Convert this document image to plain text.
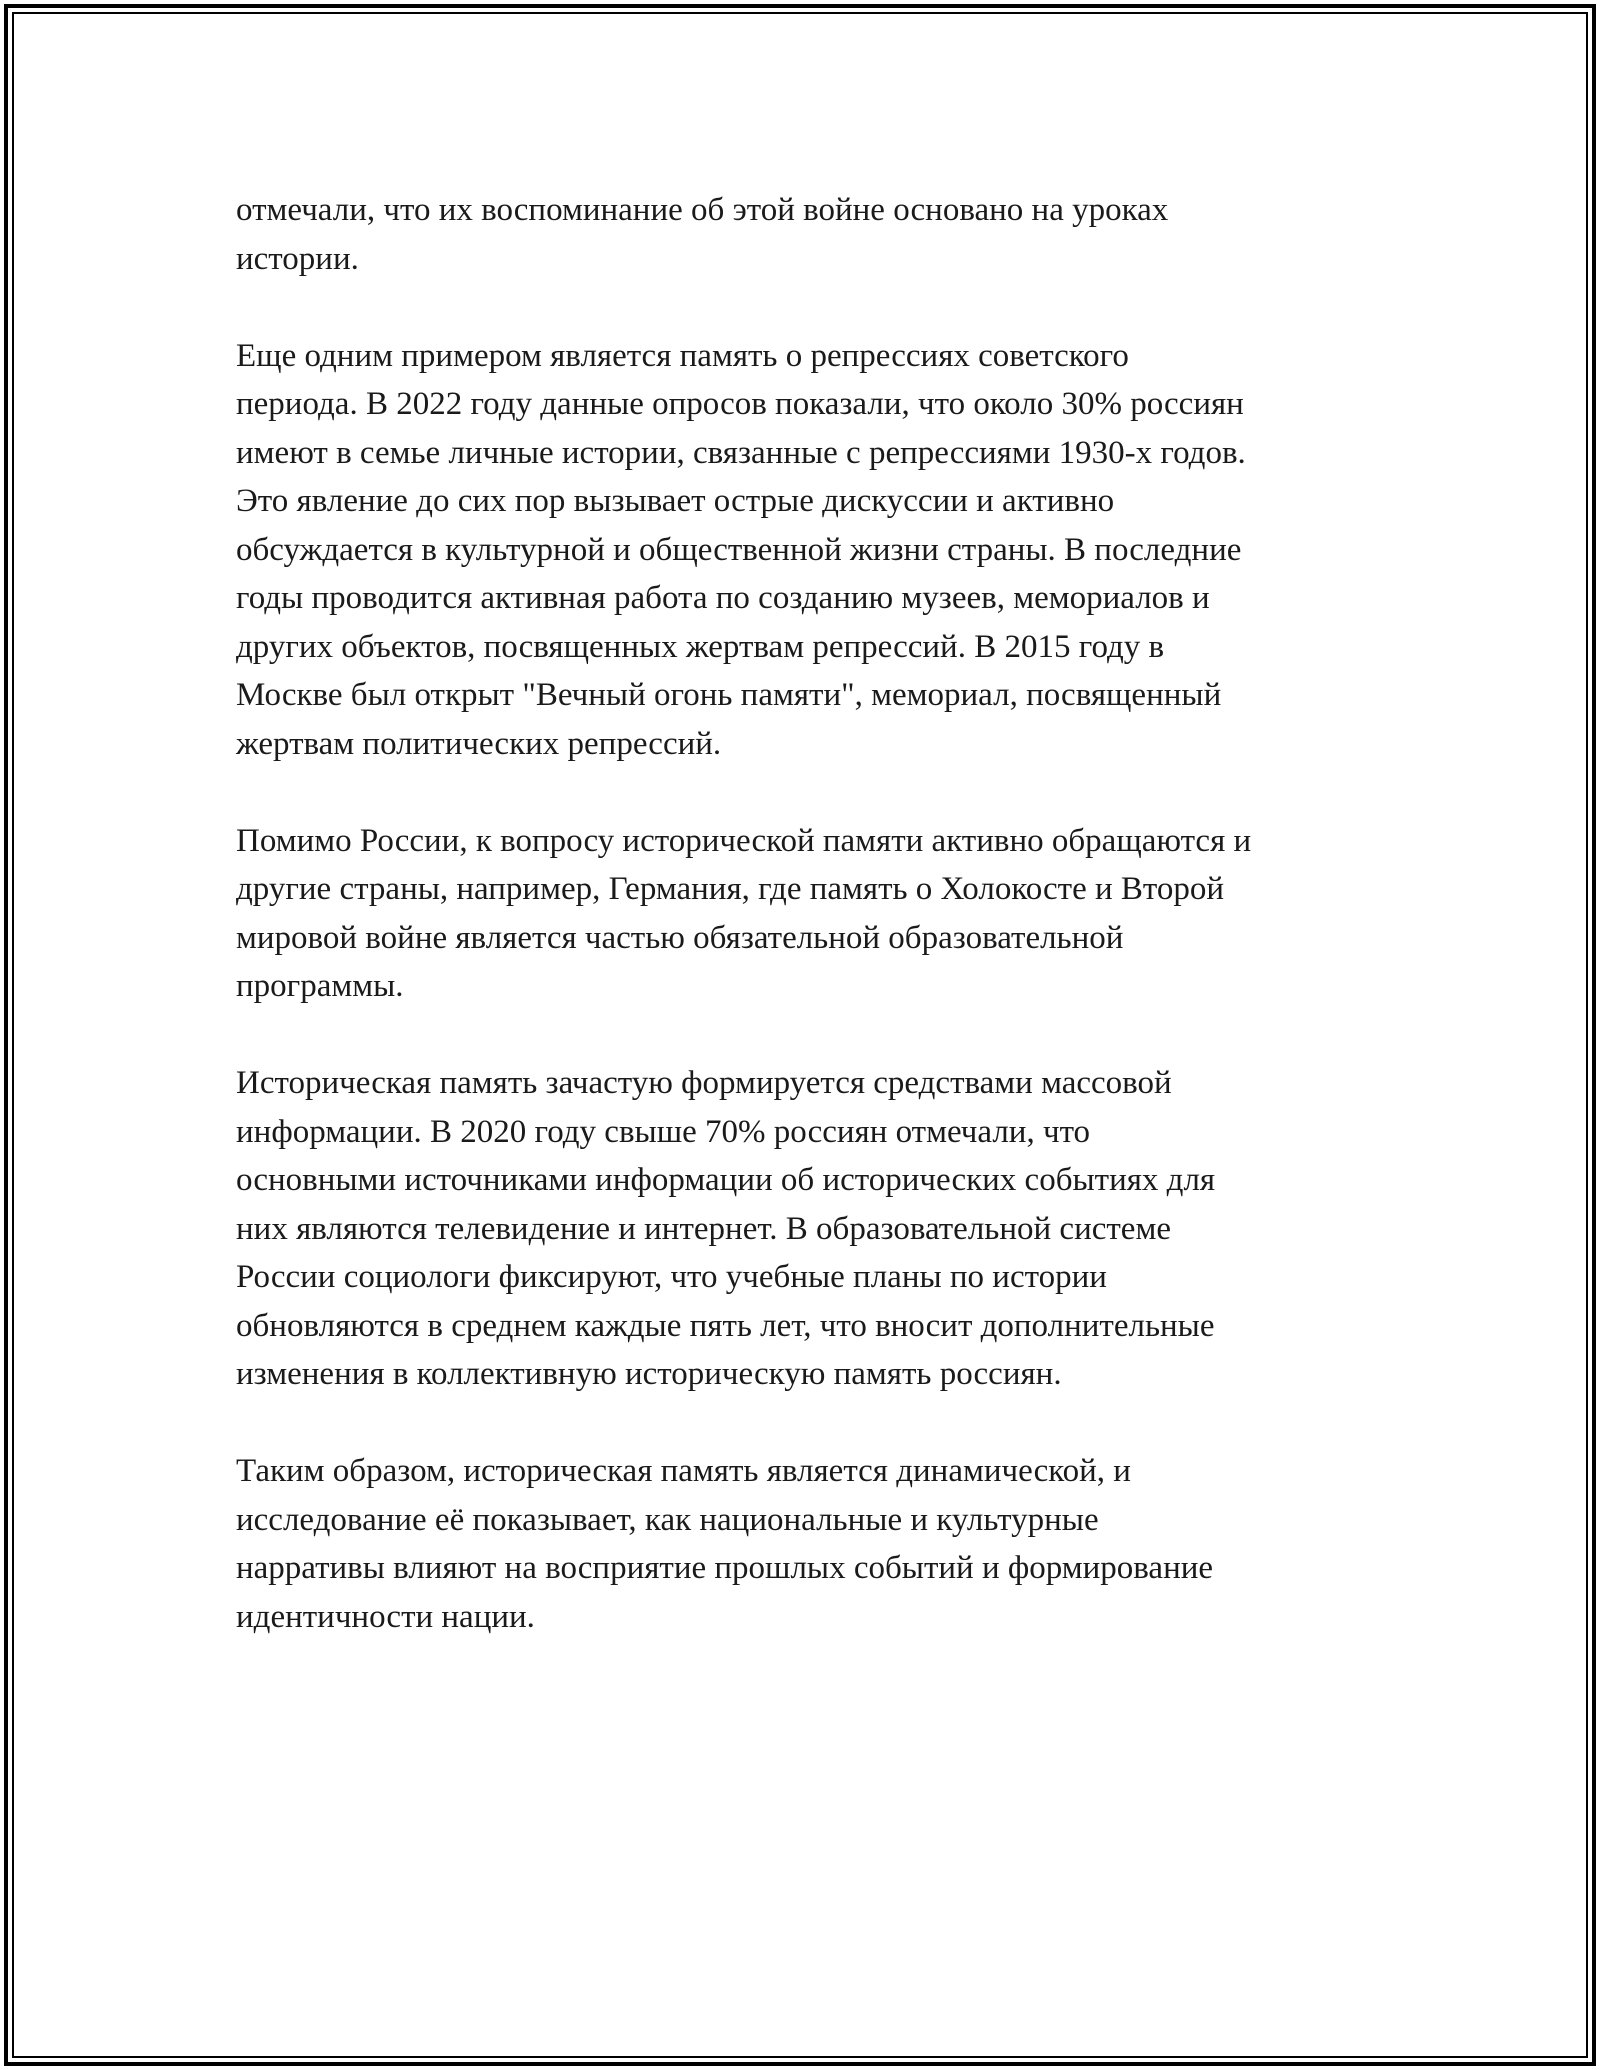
отмечали, что их воспоминание об этой войне основано на уроках
истории.

Еще одним примером является память о репрессиях советского
периода. В 2022 году данные опросов показали, что около 30% россиян
имеют в семье личные истории, связанные с репрессиями 1930-х годов.
Это явление до сих пор вызывает острые дискуссии и активно
обсуждается в культурной и общественной жизни страны. В последние
годы проводится активная работа по созданию музеев, мемориалов и
других объектов, посвященных жертвам репрессий. В 2015 году в
Москве был открыт "Вечный огонь памяти", мемориал, посвященный
жертвам политических репрессий.

Помимо России, к вопросу исторической памяти активно обращаются и
другие страны, например, Германия, где память о Холокосте и Второй
мировой войне является частью обязательной образовательной
программы.

Историческая память зачастую формируется средствами массовой
информации. В 2020 году свыше 70% россиян отмечали, что
основными источниками информации об исторических событиях для
них являются телевидение и интернет. В образовательной системе
России социологи фиксируют, что учебные планы по истории
обновляются в среднем каждые пять лет, что вносит дополнительные
изменения в коллективную историческую память россиян.

Таким образом, историческая память является динамической, и
исследование её показывает, как национальные и культурные
нарративы влияют на восприятие прошлых событий и формирование
идентичности нации.
